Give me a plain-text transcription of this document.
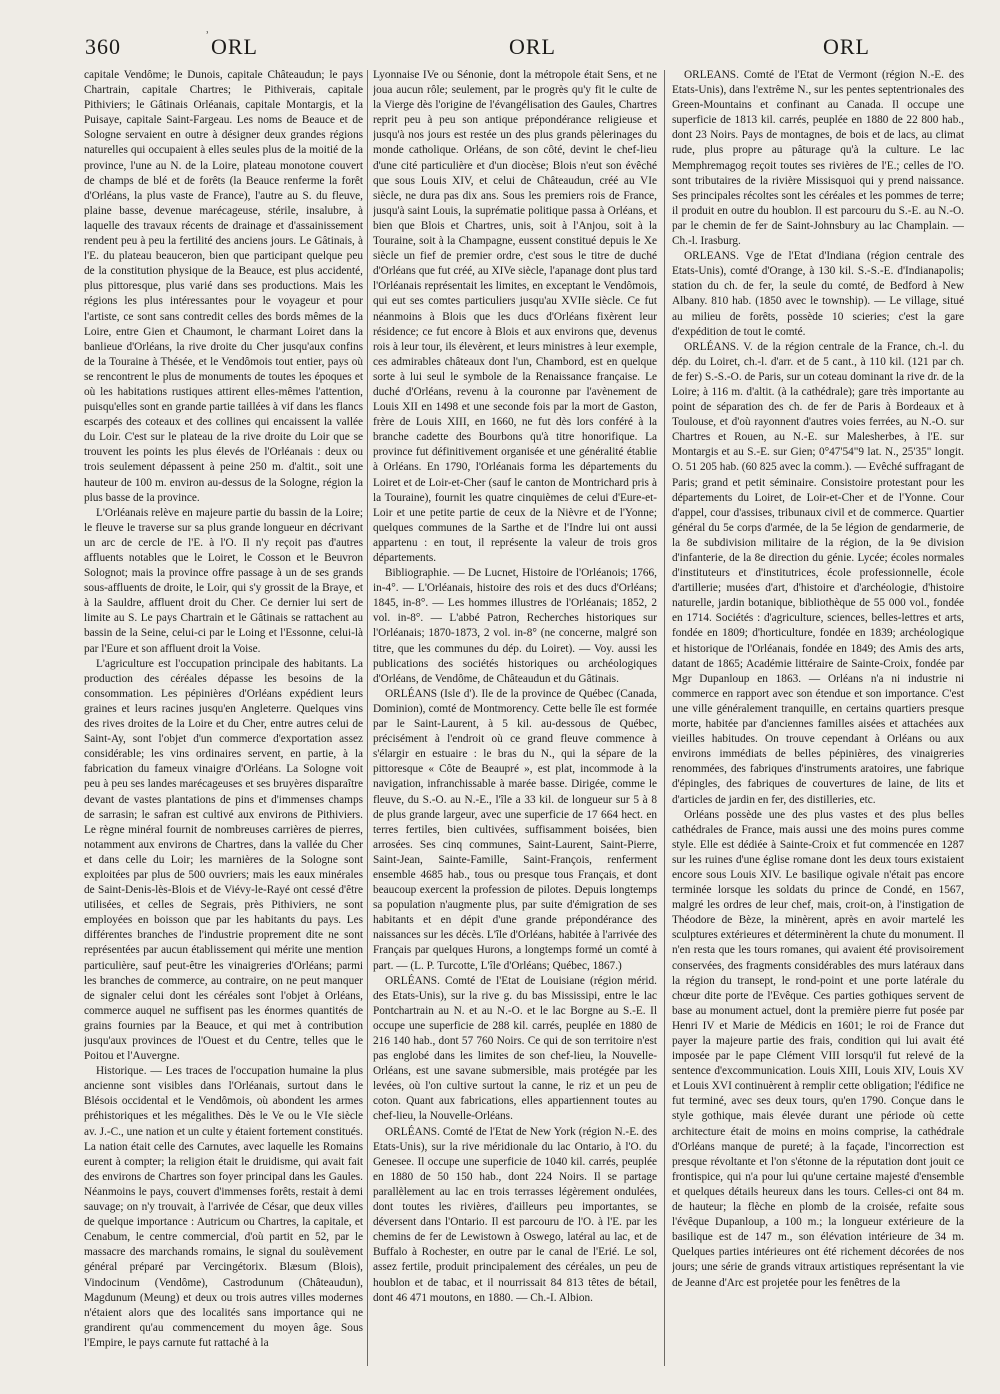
360	ʾ ORL	ORL	ORL

capitale Vendôme; le Dunois, capitale Châteaudun; le pays Chartrain, capitale Chartres; le Pithiverais, capitale Pithiviers; le Gâtinais Orléanais, capitale Montargis, et la Puisaye, capitale Saint-Fargeau. Les noms de Beauce et de Sologne servaient en outre à désigner deux grandes régions naturelles qui occupaient à elles seules plus de la moitié de la province, l'une au N. de la Loire, plateau monotone couvert de champs de blé et de forêts (la Beauce renferme la forêt d'Orléans, la plus vaste de France), l'autre au S. du fleuve, plaine basse, devenue marécageuse, stérile, insalubre, à laquelle des travaux récents de drainage et d'assainissement rendent peu à peu la fertilité des anciens jours. Le Gâtinais, à l'E. du plateau beauceron, bien que participant quelque peu de la constitution physique de la Beauce, est plus accidenté, plus pittoresque, plus varié dans ses productions. Mais les régions les plus intéressantes pour le voyageur et pour l'artiste, ce sont sans contredit celles des bords mêmes de la Loire, entre Gien et Chaumont, le charmant Loiret dans la banlieue d'Orléans, la rive droite du Cher jusqu'aux confins de la Touraine à Thésée, et le Vendômois tout entier, pays où se rencontrent le plus de monuments de toutes les époques et où les habitations rustiques attirent elles-mêmes l'attention, puisqu'elles sont en grande partie taillées à vif dans les flancs escarpés des coteaux et des collines qui encaissent la vallée du Loir. C'est sur le plateau de la rive droite du Loir que se trouvent les points les plus élevés de l'Orléanais : deux ou trois seulement dépassent à peine 250 m. d'altit., soit une hauteur de 100 m. environ au-dessus de la Sologne, région la plus basse de la province.

L'Orléanais relève en majeure partie du bassin de la Loire; le fleuve le traverse sur sa plus grande longueur en décrivant un arc de cercle de l'E. à l'O. Il n'y reçoit pas d'autres affluents notables que le Loiret, le Cosson et le Beuvron Solognot; mais la province offre passage à un de ses grands sous-affluents de droite, le Loir, qui s'y grossit de la Braye, et à la Sauldre, affluent droit du Cher. Ce dernier lui sert de limite au S. Le pays Chartrain et le Gâtinais se rattachent au bassin de la Seine, celui-ci par le Loing et l'Essonne, celui-là par l'Eure et son affluent droit la Voise.

L'agriculture est l'occupation principale des habitants. La production des céréales dépasse les besoins de la consommation. Les pépinières d'Orléans expédient leurs graines et leurs racines jusqu'en Angleterre. Quelques vins des rives droites de la Loire et du Cher, entre autres celui de Saint-Ay, sont l'objet d'un commerce d'exportation assez considérable; les vins ordinaires servent, en partie, à la fabrication du fameux vinaigre d'Orléans. La Sologne voit peu à peu ses landes marécageuses et ses bruyères disparaître devant de vastes plantations de pins et d'immenses champs de sarrasin; le safran est cultivé aux environs de Pithiviers. Le règne minéral fournit de nombreuses carrières de pierres, notamment aux environs de Chartres, dans la vallée du Cher et dans celle du Loir; les marnières de la Sologne sont exploitées par plus de 500 ouvriers; mais les eaux minérales de Saint-Denis-lès-Blois et de Viévy-le-Rayé ont cessé d'être utilisées, et celles de Segrais, près Pithiviers, ne sont employées en boisson que par les habitants du pays. Les différentes branches de l'industrie proprement dite ne sont représentées par aucun établissement qui mérite une mention particulière, sauf peut-être les vinaigreries d'Orléans; parmi les branches de commerce, au contraire, on ne peut manquer de signaler celui dont les céréales sont l'objet à Orléans, commerce auquel ne suffisent pas les énormes quantités de grains fournies par la Beauce, et qui met à contribution jusqu'aux provinces de l'Ouest et du Centre, telles que le Poitou et l'Auvergne.

Historique. — Les traces de l'occupation humaine la plus ancienne sont visibles dans l'Orléanais, surtout dans le Blésois occidental et le Vendômois, où abondent les armes préhistoriques et les mégalithes. Dès le Ve ou le VIe siècle av. J.-C., une nation et un culte y étaient fortement constitués. La nation était celle des Carnutes, avec laquelle les Romains eurent à compter; la religion était le druidisme, qui avait fait des environs de Chartres son foyer principal dans les Gaules. Néanmoins le pays, couvert d'immenses forêts, restait à demi sauvage; on n'y trouvait, à l'arrivée de César, que deux villes de quelque importance : Autricum ou Chartres, la capitale, et Cenabum, le centre commercial, d'où partit en 52, par le massacre des marchands romains, le signal du soulèvement général préparé par Vercingétorix. Blæsum (Blois), Vindocinum (Vendôme), Castrodunum (Châteaudun), Magdunum (Meung) et deux ou trois autres villes modernes n'étaient alors que des localités sans importance qui ne grandirent qu'au commencement du moyen âge. Sous l'Empire, le pays carnute fut rattaché à la

Lyonnaise IVe ou Sénonie, dont la métropole était Sens, et ne joua aucun rôle; seulement, par le progrès qu'y fit le culte de la Vierge dès l'origine de l'évangélisation des Gaules, Chartres reprit peu à peu son antique prépondérance religieuse et jusqu'à nos jours est restée un des plus grands pèlerinages du monde catholique. Orléans, de son côté, devint le chef-lieu d'une cité particulière et d'un diocèse; Blois n'eut son évêché que sous Louis XIV, et celui de Châteaudun, créé au VIe siècle, ne dura pas dix ans. Sous les premiers rois de France, jusqu'à saint Louis, la suprématie politique passa à Orléans, et bien que Blois et Chartres, unis, soit à l'Anjou, soit à la Touraine, soit à la Champagne, eussent constitué depuis le Xe siècle un fief de premier ordre, c'est sous le titre de duché d'Orléans que fut créé, au XIVe siècle, l'apanage dont plus tard l'Orléanais représentait les limites, en exceptant le Vendômois, qui eut ses comtes particuliers jusqu'au XVIIe siècle. Ce fut néanmoins à Blois que les ducs d'Orléans fixèrent leur résidence; ce fut encore à Blois et aux environs que, devenus rois à leur tour, ils élevèrent, et leurs ministres à leur exemple, ces admirables châteaux dont l'un, Chambord, est en quelque sorte à lui seul le symbole de la Renaissance française. Le duché d'Orléans, revenu à la couronne par l'avènement de Louis XII en 1498 et une seconde fois par la mort de Gaston, frère de Louis XIII, en 1660, ne fut dès lors conféré à la branche cadette des Bourbons qu'à titre honorifique. La province fut définitivement organisée et une généralité établie à Orléans. En 1790, l'Orléanais forma les départements du Loiret et de Loir-et-Cher (sauf le canton de Montrichard pris à la Touraine), fournit les quatre cinquièmes de celui d'Eure-et-Loir et une petite partie de ceux de la Nièvre et de l'Yonne; quelques communes de la Sarthe et de l'Indre lui ont aussi appartenu : en tout, il représente la valeur de trois gros départements.

Bibliographie. — De Lucnet, Histoire de l'Orléanois; 1766, in-4°. — L'Orléanais, histoire des rois et des ducs d'Orléans; 1845, in-8°. — Les hommes illustres de l'Orléanais; 1852, 2 vol. in-8°. — L'abbé Patron, Recherches historiques sur l'Orléanais; 1870-1873, 2 vol. in-8° (ne concerne, malgré son titre, que les communes du dép. du Loiret). — Voy. aussi les publications des sociétés historiques ou archéologiques d'Orléans, de Vendôme, de Châteaudun et du Gâtinais.

ORLÉANS (Isle d'). Ile de la province de Québec (Canada, Dominion), comté de Montmorency. Cette belle île est formée par le Saint-Laurent, à 5 kil. au-dessous de Québec, précisément à l'endroit où ce grand fleuve commence à s'élargir en estuaire : le bras du N., qui la sépare de la pittoresque « Côte de Beaupré », est plat, incommode à la navigation, infranchissable à marée basse. Dirigée, comme le fleuve, du S.-O. au N.-E., l'île a 33 kil. de longueur sur 5 à 8 de plus grande largeur, avec une superficie de 17 664 hect. en terres fertiles, bien cultivées, suffisamment boisées, bien arrosées. Ses cinq communes, Saint-Laurent, Saint-Pierre, Saint-Jean, Sainte-Famille, Saint-François, renferment ensemble 4685 hab., tous ou presque tous Français, et dont beaucoup exercent la profession de pilotes. Depuis longtemps sa population n'augmente plus, par suite d'émigration de ses habitants et en dépit d'une grande prépondérance des naissances sur les décès. L'île d'Orléans, habitée à l'arrivée des Français par quelques Hurons, a longtemps formé un comté à part. — (L. P. Turcotte, L'île d'Orléans; Québec, 1867.)

ORLÉANS. Comté de l'Etat de Louisiane (région mérid. des Etats-Unis), sur la rive g. du bas Mississipi, entre le lac Pontchartrain au N. et au N.-O. et le lac Borgne au S.-E. Il occupe une superficie de 288 kil. carrés, peuplée en 1880 de 216 140 hab., dont 57 760 Noirs. Ce qui de son territoire n'est pas englobé dans les limites de son chef-lieu, la Nouvelle-Orléans, est une savane submersible, mais protégée par les levées, où l'on cultive surtout la canne, le riz et un peu de coton. Quant aux fabrications, elles appartiennent toutes au chef-lieu, la Nouvelle-Orléans.

ORLÉANS. Comté de l'Etat de New York (région N.-E. des Etats-Unis), sur la rive méridionale du lac Ontario, à l'O. du Genesee. Il occupe une superficie de 1040 kil. carrés, peuplée en 1880 de 50 150 hab., dont 224 Noirs. Il se partage parallèlement au lac en trois terrasses légèrement ondulées, dont toutes les rivières, d'ailleurs peu importantes, se déversent dans l'Ontario. Il est parcouru de l'O. à l'E. par les chemins de fer de Lewistown à Oswego, latéral au lac, et de Buffalo à Rochester, en outre par le canal de l'Erié. Le sol, assez fertile, produit principalement des céréales, un peu de houblon et de tabac, et il nourrissait 84 813 têtes de bétail, dont 46 471 moutons, en 1880. — Ch.-I. Albion.

ORLEANS. Comté de l'Etat de Vermont (région N.-E. des Etats-Unis), dans l'extrême N., sur les pentes septentrionales des Green-Mountains et confinant au Canada. Il occupe une superficie de 1813 kil. carrés, peuplée en 1880 de 22 800 hab., dont 23 Noirs. Pays de montagnes, de bois et de lacs, au climat rude, plus propre au pâturage qu'à la culture. Le lac Memphremagog reçoit toutes ses rivières de l'E.; celles de l'O. sont tributaires de la rivière Missisquoi qui y prend naissance. Ses principales récoltes sont les céréales et les pommes de terre; il produit en outre du houblon. Il est parcouru du S.-E. au N.-O. par le chemin de fer de Saint-Johnsbury au lac Champlain. — Ch.-l. Irasburg.

ORLEANS. Vge de l'Etat d'Indiana (région centrale des Etats-Unis), comté d'Orange, à 130 kil. S.-S.-E. d'Indianapolis; station du ch. de fer, la seule du comté, de Bedford à New Albany. 810 hab. (1850 avec le township). — Le village, situé au milieu de forêts, possède 10 scieries; c'est la gare d'expédition de tout le comté.

ORLÉANS. V. de la région centrale de la France, ch.-l. du dép. du Loiret, ch.-l. d'arr. et de 5 cant., à 110 kil. (121 par ch. de fer) S.-S.-O. de Paris, sur un coteau dominant la rive dr. de la Loire; à 116 m. d'altit. (à la cathédrale); gare très importante au point de séparation des ch. de fer de Paris à Bordeaux et à Toulouse, et d'où rayonnent d'autres voies ferrées, au N.-O. sur Chartres et Rouen, au N.-E. sur Malesherbes, à l'E. sur Montargis et au S.-E. sur Gien; 0°47'54"9 lat. N., 25'35" longit. O. 51 205 hab. (60 825 avec la comm.). — Evêché suffragant de Paris; grand et petit séminaire. Consistoire protestant pour les départements du Loiret, de Loir-et-Cher et de l'Yonne. Cour d'appel, cour d'assises, tribunaux civil et de commerce. Quartier général du 5e corps d'armée, de la 5e légion de gendarmerie, de la 8e subdivision militaire de la région, de la 9e division d'infanterie, de la 8e direction du génie. Lycée; écoles normales d'instituteurs et d'institutrices, école professionnelle, école d'artillerie; musées d'art, d'histoire et d'archéologie, d'histoire naturelle, jardin botanique, bibliothèque de 55 000 vol., fondée en 1714. Sociétés : d'agriculture, sciences, belles-lettres et arts, fondée en 1809; d'horticulture, fondée en 1839; archéologique et historique de l'Orléanais, fondée en 1849; des Amis des arts, datant de 1865; Académie littéraire de Sainte-Croix, fondée par Mgr Dupanloup en 1863. — Orléans n'a ni industrie ni commerce en rapport avec son étendue et son importance. C'est une ville généralement tranquille, en certains quartiers presque morte, habitée par d'anciennes familles aisées et attachées aux vieilles habitudes. On trouve cependant à Orléans ou aux environs immédiats de belles pépinières, des vinaigreries renommées, des fabriques d'instruments aratoires, une fabrique d'épingles, des fabriques de couvertures de laine, de lits et d'articles de jardin en fer, des distilleries, etc.

Orléans possède une des plus vastes et des plus belles cathédrales de France, mais aussi une des moins pures comme style. Elle est dédiée à Sainte-Croix et fut commencée en 1287 sur les ruines d'une église romane dont les deux tours existaient encore sous Louis XIV. Le basilique ogivale n'était pas encore terminée lorsque les soldats du prince de Condé, en 1567, malgré les ordres de leur chef, mais, croit-on, à l'instigation de Théodore de Bèze, la minèrent, après en avoir martelé les sculptures extérieures et déterminèrent la chute du monument. Il n'en resta que les tours romanes, qui avaient été provisoirement conservées, des fragments considérables des murs latéraux dans la région du transept, le rond-point et une porte latérale du chœur dite porte de l'Evêque. Ces parties gothiques servent de base au monument actuel, dont la première pierre fut posée par Henri IV et Marie de Médicis en 1601; le roi de France dut payer la majeure partie des frais, condition qui lui avait été imposée par le pape Clément VIII lorsqu'il fut relevé de la sentence d'excommunication. Louis XIII, Louis XIV, Louis XV et Louis XVI continuèrent à remplir cette obligation; l'édifice ne fut terminé, avec ses deux tours, qu'en 1790. Conçue dans le style gothique, mais élevée durant une période où cette architecture était de moins en moins comprise, la cathédrale d'Orléans manque de pureté; à la façade, l'incorrection est presque révoltante et l'on s'étonne de la réputation dont jouit ce frontispice, qui n'a pour lui qu'une certaine majesté d'ensemble et quelques détails heureux dans les tours. Celles-ci ont 84 m. de hauteur; la flèche en plomb de la croisée, refaite sous l'évêque Dupanloup, a 100 m.; la longueur extérieure de la basilique est de 147 m., son élévation intérieure de 34 m. Quelques parties intérieures ont été richement décorées de nos jours; une série de grands vitraux artistiques représentant la vie de Jeanne d'Arc est projetée pour les fenêtres de la
